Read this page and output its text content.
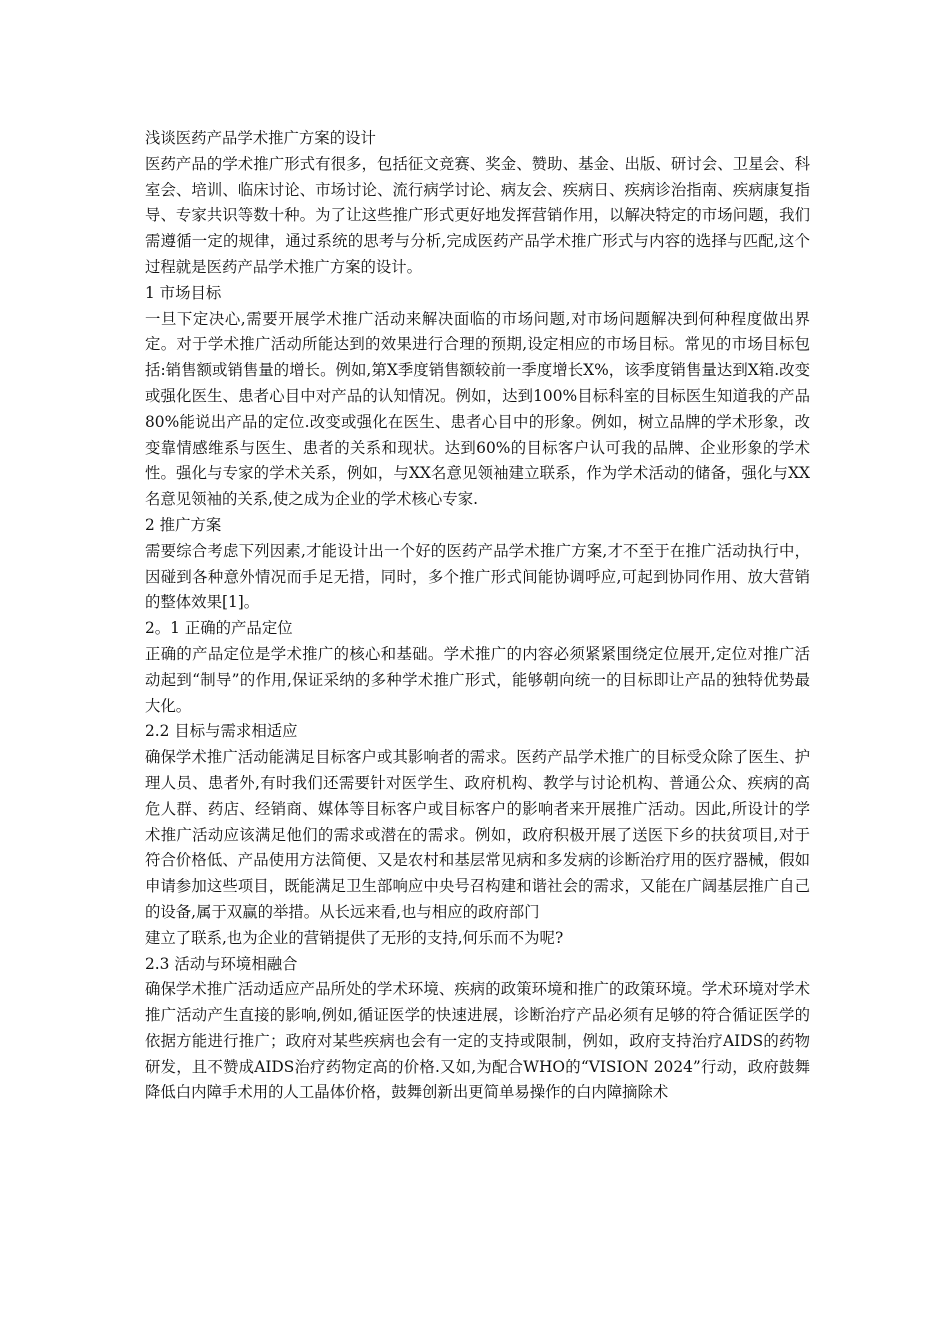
浅谈医药产品学术推广方案的设计

医药产品的学术推广形式有很多，包括征文竞赛、奖金、赞助、基金、出版、研讨会、卫星会、科室会、培训、临床讨论、市场讨论、流行病学讨论、病友会、疾病日、疾病诊治指南、疾病康复指导、专家共识等数十种。为了让这些推广形式更好地发挥营销作用，以解决特定的市场问题，我们需遵循一定的规律，通过系统的思考与分析,完成医药产品学术推广形式与内容的选择与匹配,这个过程就是医药产品学术推广方案的设计。

1 市场目标

一旦下定决心,需要开展学术推广活动来解决面临的市场问题,对市场问题解决到何种程度做出界定。对于学术推广活动所能达到的效果进行合理的预期,设定相应的市场目标。常见的市场目标包括:销售额或销售量的增长。例如,第X季度销售额较前一季度增长X%，该季度销售量达到X箱.改变或强化医生、患者心目中对产品的认知情况。例如，达到100%目标科室的目标医生知道我的产品80%能说出产品的定位.改变或强化在医生、患者心目中的形象。例如，树立品牌的学术形象，改变靠情感维系与医生、患者的关系和现状。达到60%的目标客户认可我的品牌、企业形象的学术性。强化与专家的学术关系，例如，与XX名意见领袖建立联系，作为学术活动的储备，强化与XX名意见领袖的关系,使之成为企业的学术核心专家.

2 推广方案

需要综合考虑下列因素,才能设计出一个好的医药产品学术推广方案,才不至于在推广活动执行中，因碰到各种意外情况而手足无措，同时，多个推广形式间能协调呼应,可起到协同作用、放大营销的整体效果[1]。

2。1 正确的产品定位

正确的产品定位是学术推广的核心和基础。学术推广的内容必须紧紧围绕定位展开,定位对推广活动起到“制导”的作用,保证采纳的多种学术推广形式，能够朝向统一的目标即让产品的独特优势最大化。

2.2 目标与需求相适应

确保学术推广活动能满足目标客户或其影响者的需求。医药产品学术推广的目标受众除了医生、护理人员、患者外,有时我们还需要针对医学生、政府机构、教学与讨论机构、普通公众、疾病的高危人群、药店、经销商、媒体等目标客户或目标客户的影响者来开展推广活动。因此,所设计的学术推广活动应该满足他们的需求或潜在的需求。例如，政府积极开展了送医下乡的扶贫项目,对于符合价格低、产品使用方法简便、又是农村和基层常见病和多发病的诊断治疗用的医疗器械，假如申请参加这些项目，既能满足卫生部响应中央号召构建和谐社会的需求，又能在广阔基层推广自己的设备,属于双赢的举措。从长远来看,也与相应的政府部门

建立了联系,也为企业的营销提供了无形的支持,何乐而不为呢?

2.3 活动与环境相融合

确保学术推广活动适应产品所处的学术环境、疾病的政策环境和推广的政策环境。学术环境对学术推广活动产生直接的影响,例如,循证医学的快速进展，诊断治疗产品必须有足够的符合循证医学的依据方能进行推广；政府对某些疾病也会有一定的支持或限制，例如，政府支持治疗AIDS的药物研发，且不赞成AIDS治疗药物定高的价格.又如,为配合WHO的“VISION 2024”行动，政府鼓舞降低白内障手术用的人工晶体价格，鼓舞创新出更简单易操作的白内障摘除术
